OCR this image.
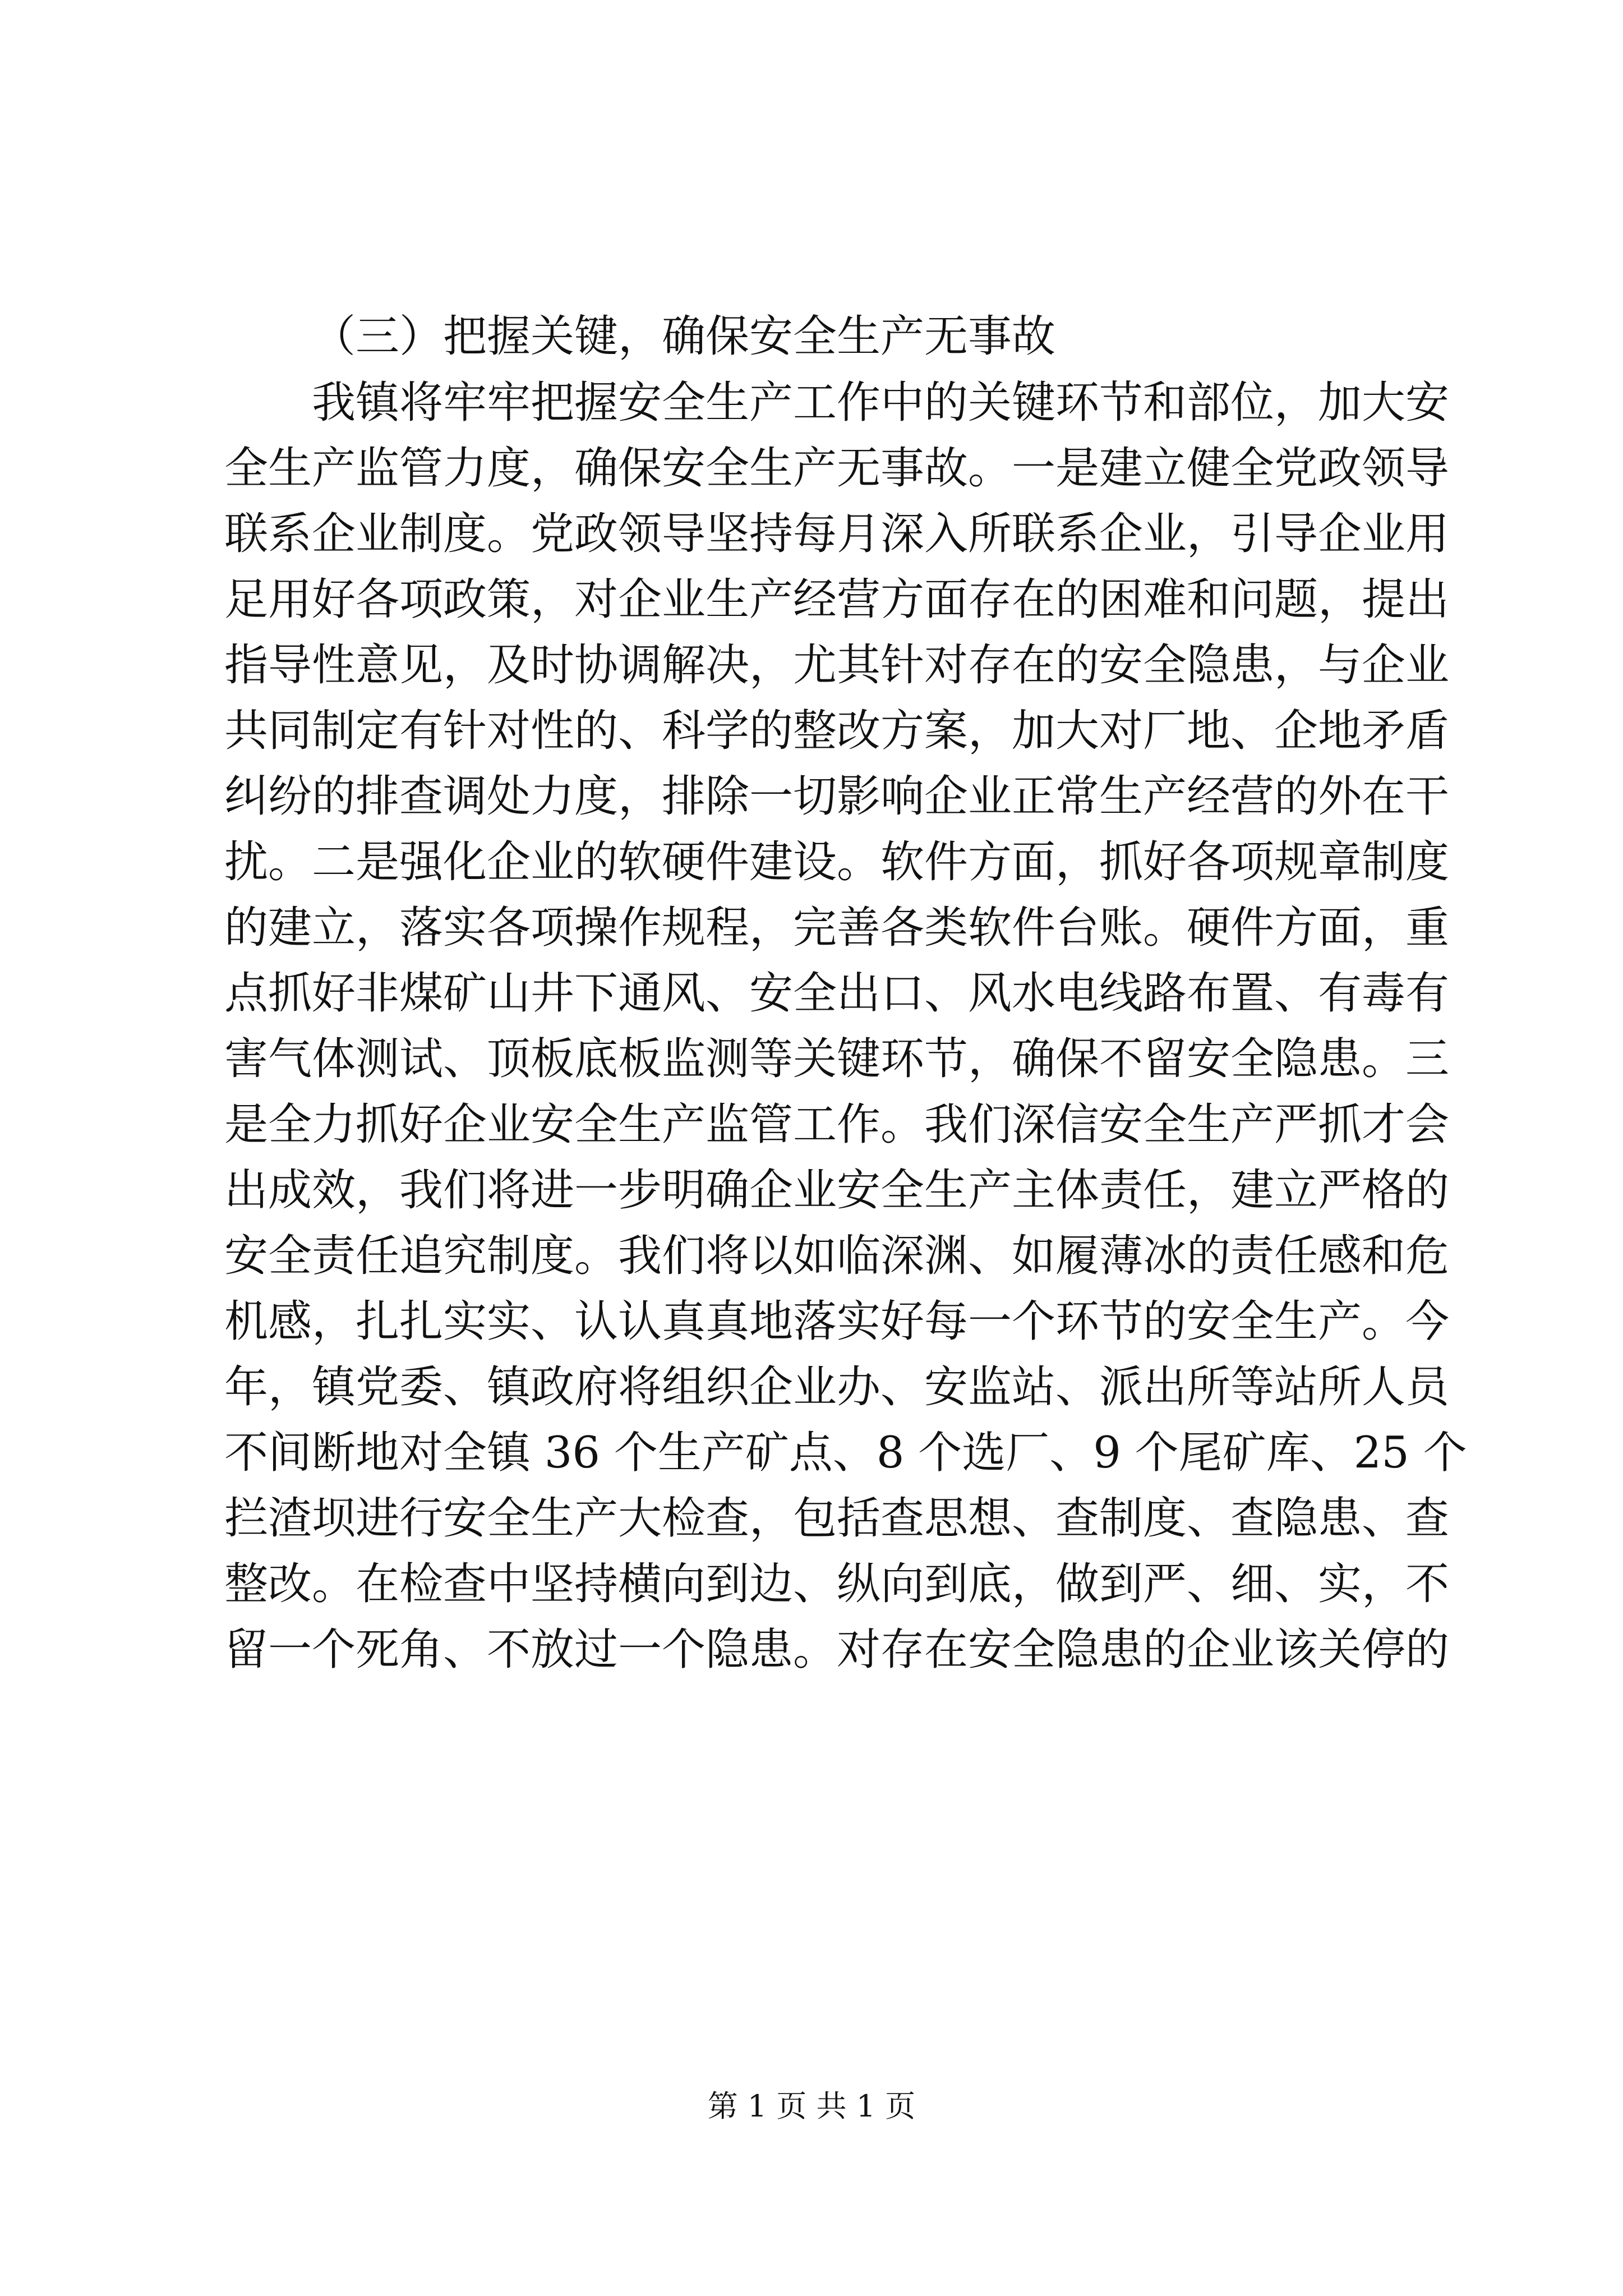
（三）把握关键，确保安全生产无事故

我镇将牢牢把握安全生产工作中的关键环节和部位，加大安
全生产监管力度，确保安全生产无事故。一是建立健全党政领导
联系企业制度。党政领导坚持每月深入所联系企业，引导企业用
足用好各项政策，对企业生产经营方面存在的困难和问题，提出
指导性意见，及时协调解决，尤其针对存在的安全隐患，与企业
共同制定有针对性的、科学的整改方案，加大对厂地、企地矛盾
纠纷的排查调处力度，排除一切影响企业正常生产经营的外在干
扰。二是强化企业的软硬件建设。软件方面，抓好各项规章制度
的建立，落实各项操作规程，完善各类软件台账。硬件方面，重
点抓好非煤矿山井下通风、安全出口、风水电线路布置、有毒有
害气体测试、顶板底板监测等关键环节，确保不留安全隐患。三
是全力抓好企业安全生产监管工作。我们深信安全生产严抓才会
出成效，我们将进一步明确企业安全生产主体责任，建立严格的
安全责任追究制度。我们将以如临深渊、如履薄冰的责任感和危
机感，扎扎实实、认认真真地落实好每一个环节的安全生产。今
年，镇党委、镇政府将组织企业办、安监站、派出所等站所人员
不间断地对全镇 36 个生产矿点、8 个选厂、9 个尾矿库、25 个
拦渣坝进行安全生产大检查，包括查思想、查制度、查隐患、查
整改。在检查中坚持横向到边、纵向到底，做到严、细、实，不
留一个死角、不放过一个隐患。对存在安全隐患的企业该关停的
第 1 页 共 1 页
